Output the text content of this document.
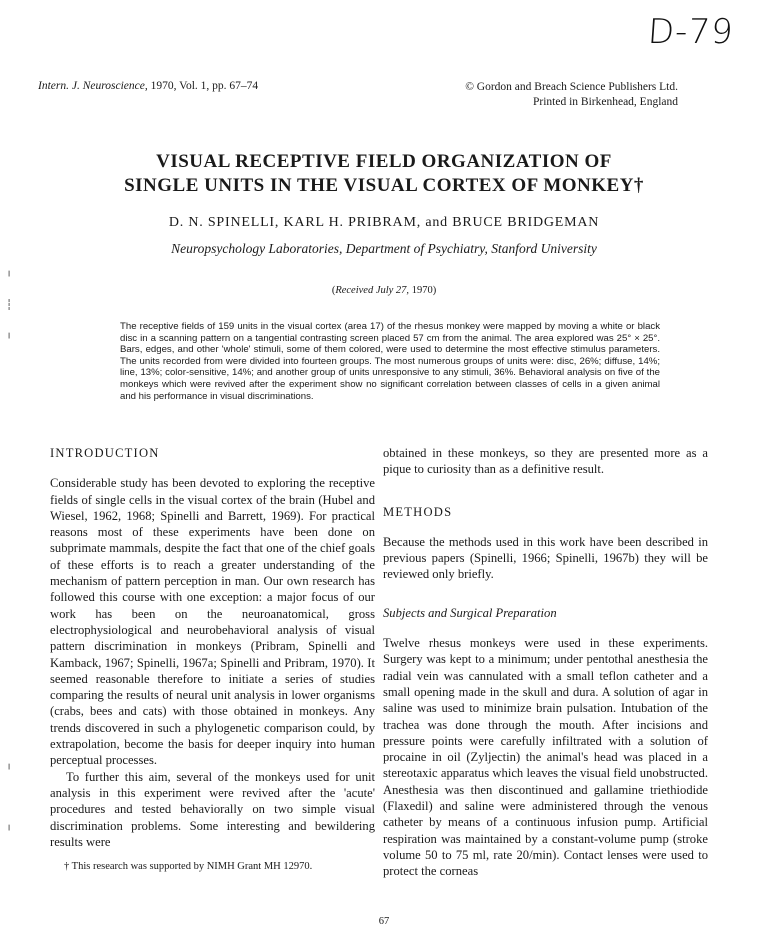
D-79
Intern. J. Neuroscience, 1970, Vol. 1, pp. 67–74	© Gordon and Breach Science Publishers Ltd.
Printed in Birkenhead, England
VISUAL RECEPTIVE FIELD ORGANIZATION OF
SINGLE UNITS IN THE VISUAL CORTEX OF MONKEY†
D. N. SPINELLI, KARL H. PRIBRAM, and BRUCE BRIDGEMAN
Neuropsychology Laboratories, Department of Psychiatry, Stanford University
(Received July 27, 1970)
The receptive fields of 159 units in the visual cortex (area 17) of the rhesus monkey were mapped by moving a white or black disc in a scanning pattern on a tangential contrasting screen placed 57 cm from the animal. The area explored was 25° × 25°. Bars, edges, and other 'whole' stimuli, some of them colored, were used to determine the most effective stimulus parameters. The units recorded from were divided into fourteen groups. The most numerous groups of units were: disc, 26%; diffuse, 14%; line, 13%; color-sensitive, 14%; and another group of units unresponsive to any stimuli, 36%. Behavioral analysis on five of the monkeys which were revived after the experiment show no significant correlation between classes of cells in a given animal and his performance in visual discriminations.
INTRODUCTION

Considerable study has been devoted to exploring the receptive fields of single cells in the visual cortex of the brain (Hubel and Wiesel, 1962, 1968; Spinelli and Barrett, 1969). For practical reasons most of these experiments have been done on subprimate mammals, despite the fact that one of the chief goals of these efforts is to reach a greater understanding of the mechanism of pattern perception in man. Our own research has followed this course with one exception: a major focus of our work has been on the neuroanatomical, gross electrophysiological and neurobehavioral analysis of visual pattern discrimination in monkeys (Pribram, Spinelli and Kamback, 1967; Spinelli, 1967a; Spinelli and Pribram, 1970). It seemed reasonable therefore to initiate a series of studies comparing the results of neural unit analysis in lower organisms (crabs, bees and cats) with those obtained in monkeys. Any trends discovered in such a phylogenetic comparison could, by extrapolation, become the basis for deeper inquiry into human perceptual processes.

To further this aim, several of the monkeys used for unit analysis in this experiment were revived after the 'acute' procedures and tested behaviorally on two simple visual discrimination problems. Some interesting and bewildering results were

† This research was supported by NIMH Grant MH 12970.

obtained in these monkeys, so they are presented more as a pique to curiosity than as a definitive result.

METHODS

Because the methods used in this work have been described in previous papers (Spinelli, 1966; Spinelli, 1967b) they will be reviewed only briefly.

Subjects and Surgical Preparation

Twelve rhesus monkeys were used in these experiments. Surgery was kept to a minimum; under pentothal anesthesia the radial vein was cannulated with a small teflon catheter and a small opening made in the skull and dura. A solution of agar in saline was used to minimize brain pulsation. Intubation of the trachea was done through the mouth. After incisions and pressure points were carefully infiltrated with a solution of procaine in oil (Zyljectin) the animal's head was placed in a stereotaxic apparatus which leaves the visual field unobstructed. Anesthesia was then discontinued and gallamine triethiodide (Flaxedil) and saline were administered through the venous catheter by means of a continuous infusion pump. Artificial respiration was maintained by a constant-volume pump (stroke volume 50 to 75 ml, rate 20/min). Contact lenses were used to protect the corneas

67
╵
┆
╷
╵
╷
